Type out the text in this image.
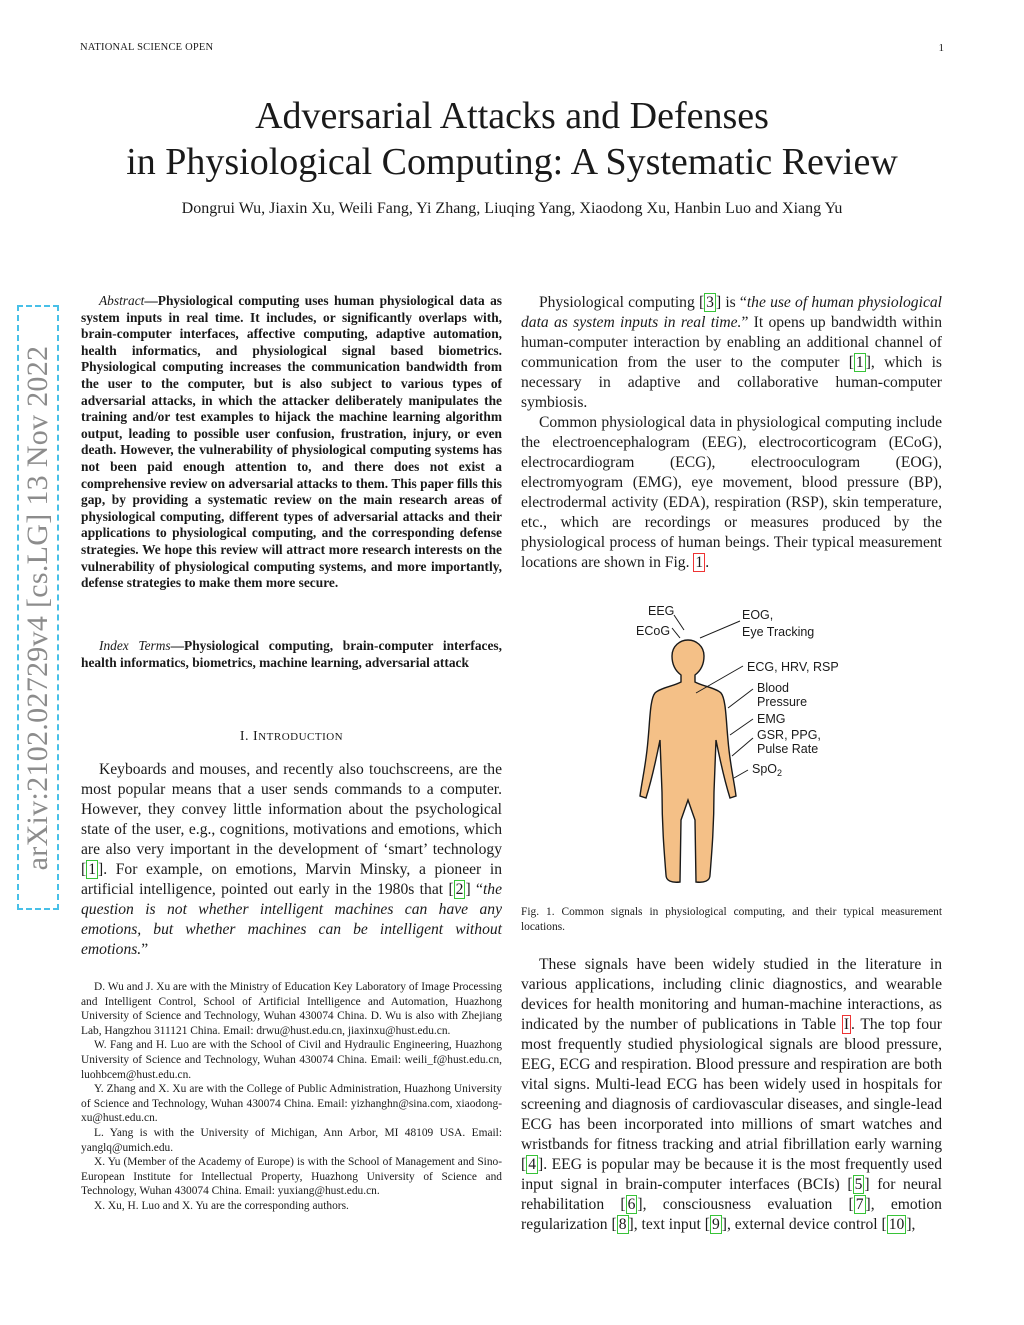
NATIONAL SCIENCE OPEN	1
Adversarial Attacks and Defenses
in Physiological Computing: A Systematic Review
Dongrui Wu, Jiaxin Xu, Weili Fang, Yi Zhang, Liuqing Yang, Xiaodong Xu, Hanbin Luo and Xiang Yu
arXiv:2102.02729v4 [cs.LG] 13 Nov 2022

Abstract—Physiological computing uses human physiological data as system inputs in real time. It includes, or significantly overlaps with, brain-computer interfaces, affective computing, adaptive automation, health informatics, and physiological signal based biometrics. Physiological computing increases the communication bandwidth from the user to the computer, but is also subject to various types of adversarial attacks, in which the attacker deliberately manipulates the training and/or test examples to hijack the machine learning algorithm output, leading to possible user confusion, frustration, injury, or even death. However, the vulnerability of physiological computing systems has not been paid enough attention to, and there does not exist a comprehensive review on adversarial attacks to them. This paper fills this gap, by providing a systematic review on the main research areas of physiological computing, different types of adversarial attacks and their applications to physiological computing, and the corresponding defense strategies. We hope this review will attract more research interests on the vulnerability of physiological computing systems, and more importantly, defense strategies to make them more secure.

Index Terms—Physiological computing, brain-computer interfaces, health informatics, biometrics, machine learning, adversarial attack

I. INTRODUCTION

Keyboards and mouses, and recently also touchscreens, are the most popular means that a user sends commands to a computer. However, they convey little information about the psychological state of the user, e.g., cognitions, motivations and emotions, which are also very important in the development of ‘smart’ technology [ 1 ]. For example, on emotions, Marvin Minsky, a pioneer in artificial intelligence, pointed out early in the 1980s that [ 2 ] “the question is not whether intelligent machines can have any emotions, but whether machines can be intelligent without emotions.”

D. Wu and J. Xu are with the Ministry of Education Key Laboratory of Image Processing and Intelligent Control, School of Artificial Intelligence and Automation, Huazhong University of Science and Technology, Wuhan 430074 China. D. Wu is also with Zhejiang Lab, Hangzhou 311121 China. Email: drwu@hust.edu.cn, jiaxinxu@hust.edu.cn.

W. Fang and H. Luo are with the School of Civil and Hydraulic Engineering, Huazhong University of Science and Technology, Wuhan 430074 China. Email: weili_f@hust.edu.cn, luohbcem@hust.edu.cn.

Y. Zhang and X. Xu are with the College of Public Administration, Huazhong University of Science and Technology, Wuhan 430074 China. Email: yizhanghn@sina.com, xiaodong-xu@hust.edu.cn.

L. Yang is with the University of Michigan, Ann Arbor, MI 48109 USA. Email: yanglq@umich.edu.

X. Yu (Member of the Academy of Europe) is with the School of Management and Sino-European Institute for Intellectual Property, Huazhong University of Science and Technology, Wuhan 430074 China. Email: yuxiang@hust.edu.cn.

X. Xu, H. Luo and X. Yu are the corresponding authors.

Physiological computing [ 3 ] is “the use of human physiological data as system inputs in real time.” It opens up bandwidth within human-computer interaction by enabling an additional channel of communication from the user to the computer [ 1 ], which is necessary in adaptive and collaborative human-computer symbiosis.

Common physiological data in physiological computing include the electroencephalogram (EEG), electrocorticogram (ECoG), electrocardiogram (ECG), electrooculogram (EOG), electromyogram (EMG), eye movement, blood pressure (BP), electrodermal activity (EDA), respiration (RSP), skin temperature, etc., which are recordings or measures produced by the physiological process of human beings. Their typical measurement locations are shown in Fig. 1 .

EEG
ECoG
EOG,
Eye Tracking
ECG, HRV, RSP
Blood
Pressure
EMG
GSR, PPG,
Pulse Rate
SpO$_2$
Fig. 1. Common signals in physiological computing, and their typical measurement locations.

These signals have been widely studied in the literature in various applications, including clinic diagnostics, and wearable devices for health monitoring and human-machine interactions, as indicated by the number of publications in Table I . The top four most frequently studied physiological signals are blood pressure, EEG, ECG and respiration. Blood pressure and respiration are both vital signs. Multi-lead ECG has been widely used in hospitals for screening and diagnosis of cardiovascular diseases, and single-lead ECG has been incorporated into millions of smart watches and wristbands for fitness tracking and atrial fibrillation early warning [ 4 ]. EEG is popular may be because it is the most frequently used input signal in brain-computer interfaces (BCIs) [ 5 ] for neural rehabilitation [ 6 ], consciousness evaluation [ 7 ], emotion regularization [ 8 ], text input [ 9 ], external device control [ 10 ],
